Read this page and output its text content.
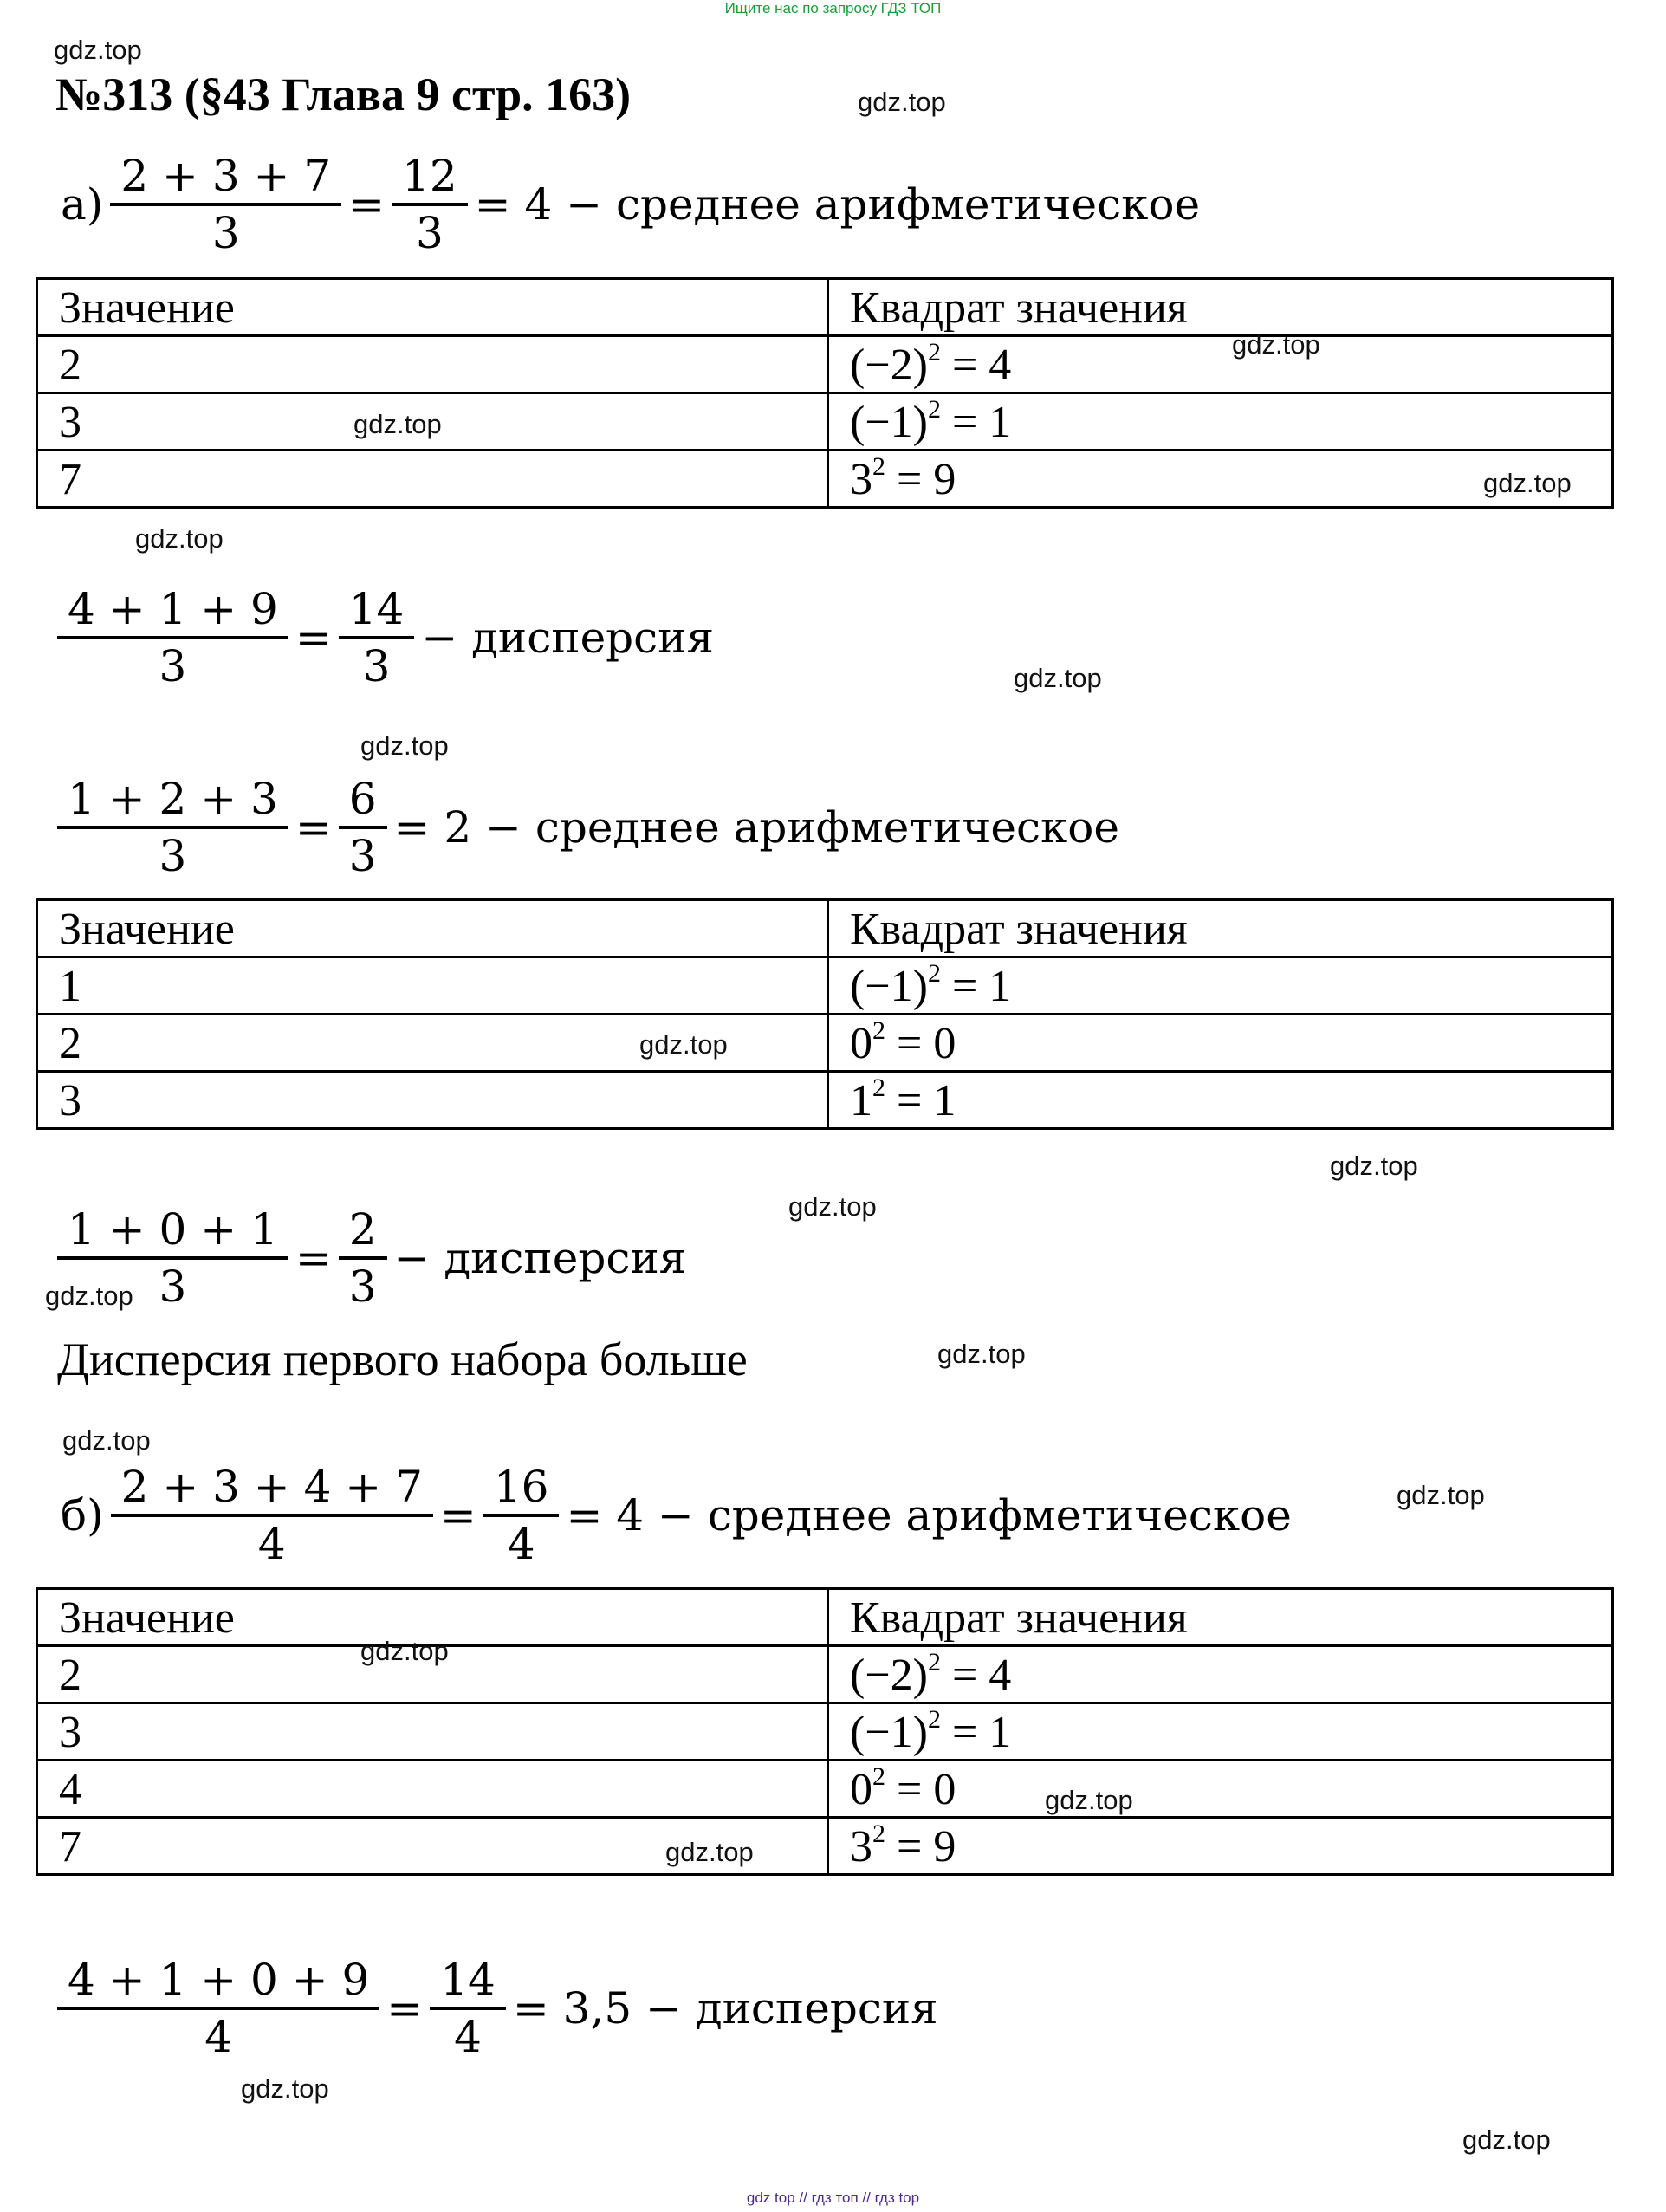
Ищите нас по запросу ГДЗ ТОП
gdz.top
№313 (§43 Глава 9 стр. 163)	gdz.top
$а) \frac{2 + 3 + 7}{3} = \frac{12}{3} = 4$ − среднее арифметическое
Значение	Квадрат значения
2	$(-2)^2 = 4$
3	$(-1)^2 = 1$
7	$3^2 = 9$
gdz.top
gdz.top
gdz.top
gdz.top
$\frac{4 + 1 + 9}{3} = \frac{14}{3}$ − дисперсия
gdz.top
gdz.top
$\frac{1 + 2 + 3}{3} = \frac{6}{3} = 2$ − среднее арифметическое
Значение	Квадрат значения
1	$(-1)^2 = 1$
2	$0^2 = 0$
3	$1^2 = 1$
gdz.top
gdz.top
gdz.top
$\frac{1 + 0 + 1}{3} = \frac{2}{3}$ − дисперсия
gdz.top
Дисперсия первого набора больше	gdz.top
gdz.top
gdz.top
$б) \frac{2 + 3 + 4 + 7}{4} = \frac{16}{4} = 4$ − среднее арифметическое
Значение	Квадрат значения
2	$(-2)^2 = 4$
3	$(-1)^2 = 1$
4	$0^2 = 0$
7	$3^2 = 9$
gdz.top
gdz.top
gdz.top
$\frac{4 + 1 + 0 + 9}{4} = \frac{14}{4} = 3,5$ − дисперсия
gdz.top
gdz.top
gdz top // гдз топ // гдз top
